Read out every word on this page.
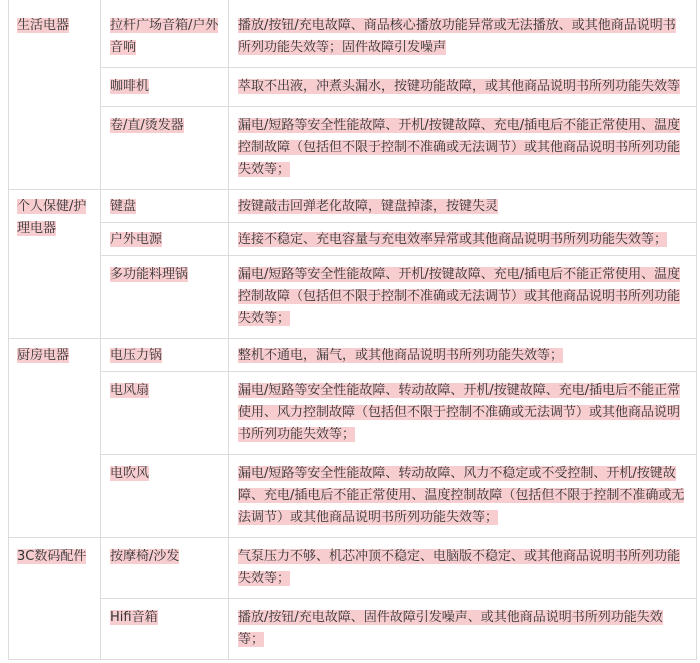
生活电器	拉杆广场音箱/户外音响	播放/按钮/充电故障、商品核心播放功能异常或无法播放、或其他商品说明书所列功能失效等；固件故障引发噪声
	咖啡机	萃取不出液，冲煮头漏水，按键功能故障，或其他商品说明书所列功能失效等
	卷/直/烫发器	漏电/短路等安全性能故障、开机/按键故障、充电/插电后不能正常使用、温度控制故障（包括但不限于控制不准确或无法调节）或其他商品说明书所列功能失效等；
个人保健/护理电器	键盘	按键敲击回弹老化故障，键盘掉漆，按键失灵
	户外电源	连接不稳定、充电容量与充电效率异常或其他商品说明书所列功能失效等；
	多功能料理锅	漏电/短路等安全性能故障、开机/按键故障、充电/插电后不能正常使用、温度控制故障（包括但不限于控制不准确或无法调节）或其他商品说明书所列功能失效等；
厨房电器	电压力锅	整机不通电，漏气，或其他商品说明书所列功能失效等；
	电风扇	漏电/短路等安全性能故障、转动故障、开机/按键故障、充电/插电后不能正常使用、风力控制故障（包括但不限于控制不准确或无法调节）或其他商品说明书所列功能失效等；
	电吹风	漏电/短路等安全性能故障、转动故障、风力不稳定或不受控制、开机/按键故障、充电/插电后不能正常使用、温度控制故障（包括但不限于控制不准确或无法调节）或其他商品说明书所列功能失效等；
3C数码配件	按摩椅/沙发	气泵压力不够、机芯冲顶不稳定、电脑版不稳定、或其他商品说明书所列功能失效等；
	Hifi音箱	播放/按钮/充电故障、固件故障引发噪声、或其他商品说明书所列功能失效等；
